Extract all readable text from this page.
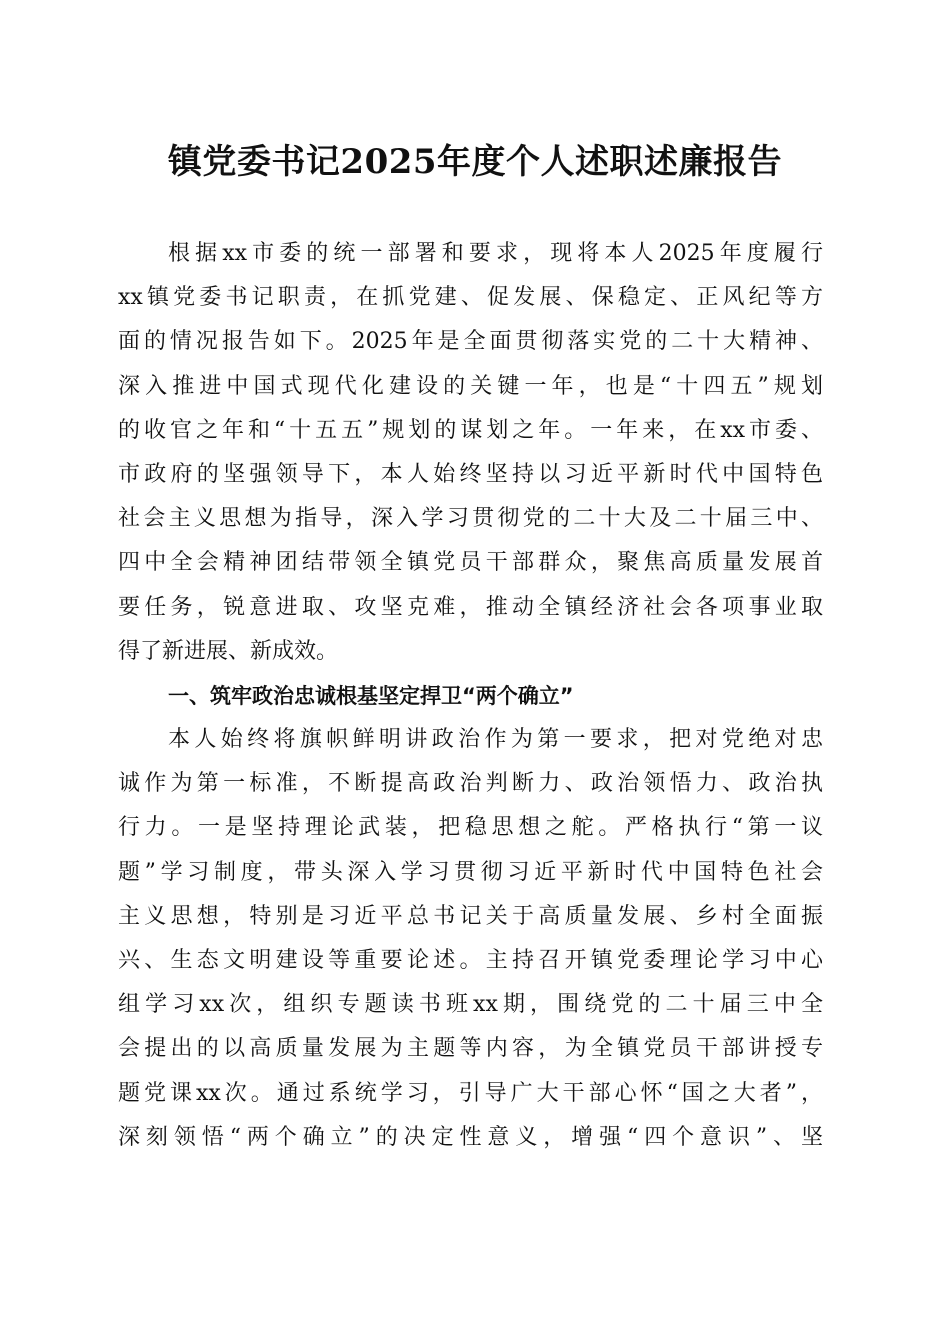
镇党委书记2025年度个人述职述廉报告
根据xx市委的统一部署和要求，现将本人2025年度履行
xx镇党委书记职责，在抓党建、促发展、保稳定、正风纪等方
面的情况报告如下。2025年是全面贯彻落实党的二十大精神、
深入推进中国式现代化建设的关键一年，也是“十四五”规划
的收官之年和“十五五”规划的谋划之年。一年来，在xx市委、
市政府的坚强领导下，本人始终坚持以习近平新时代中国特色
社会主义思想为指导，深入学习贯彻党的二十大及二十届三中、
四中全会精神团结带领全镇党员干部群众，聚焦高质量发展首
要任务，锐意进取、攻坚克难，推动全镇经济社会各项事业取
得了新进展、新成效。
一、筑牢政治忠诚根基坚定捍卫“两个确立”
本人始终将旗帜鲜明讲政治作为第一要求，把对党绝对忠
诚作为第一标准，不断提高政治判断力、政治领悟力、政治执
行力。一是坚持理论武装，把稳思想之舵。严格执行“第一议
题”学习制度，带头深入学习贯彻习近平新时代中国特色社会
主义思想，特别是习近平总书记关于高质量发展、乡村全面振
兴、生态文明建设等重要论述。主持召开镇党委理论学习中心
组学习xx次，组织专题读书班xx期，围绕党的二十届三中全
会提出的以高质量发展为主题等内容，为全镇党员干部讲授专
题党课xx次。通过系统学习，引导广大干部心怀“国之大者”，
深刻领悟“两个确立”的决定性意义，增强“四个意识”、坚
